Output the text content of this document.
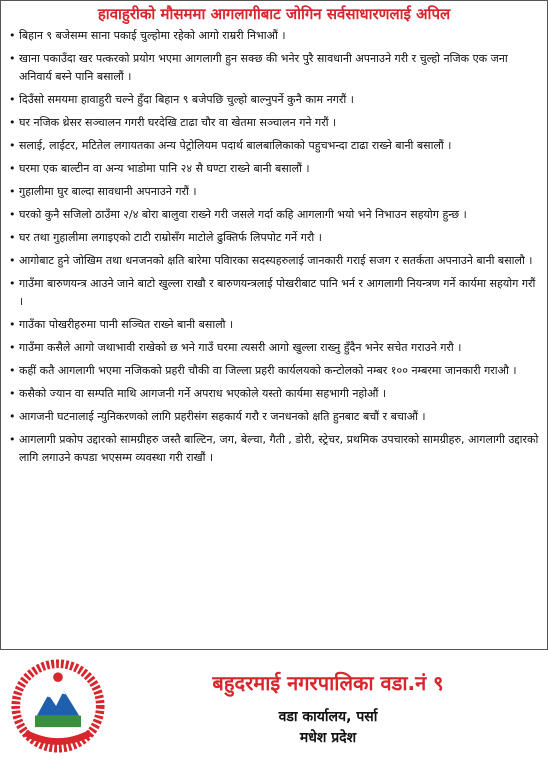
हावाहुरीको मौसममा आगलागीबाट जोगिन सर्वसाधारणलाई अपिल
• बिहान ९ बजेसम्म साना पकाई चुल्होमा रहेको आगो राम्ररी निभाऔं ।
• खाना पकाउँदा खर पत्करको प्रयोग भएमा आगलागी हुन सक्छ की भनेर पुरै सावधानी अपनाउने गरी र चुल्हो नजिक एक जना अनिवार्य बस्ने पानि बसालौं ।
• दिउँसो समयमा हावाहुरी चल्ने हुँदा बिहान ९ बजेपछि चुल्हो बाल्नुपर्ने कुनै काम नगरौं ।
• घर नजिक थ्रेसर सञ्चालन गगरी घरदेखि टाढा चौर वा खेतमा सञ्चालन गने गरौं ।
• सलाई, लाईटर, मटितेल लगायतका अन्य पेट्रोलियम पदार्थ बालबालिकाको पहुचभन्दा टाढा राख्ने बानी बसालौं ।
• घरमा एक बाल्टीन वा अन्य भाडोमा पानि २४ सै घण्टा राख्ने बानी बसालौं ।
• गुहालीमा घुर बाल्दा सावधानी अपनाउने गरौं ।
• घरको कुनै सजिलो ठाउँमा २/४ बोरा बालुवा राख्ने गरी जसले गर्दा कहि आगलागी भयो भने निभाउन सहयोग हुन्छ ।
• घर तथा गुहालीमा लगाइएको टाटी राम्रोसँग माटोले ढुक्तिर्फ लिपपोट गर्ने गरौ ।
• आगोबाट हुने जोखिम तथा धनजनको क्षति बारेमा पविारका सदस्यहरुलाई जानकारी गराई सजग र सतर्कता अपनाउने बानी बसालौ ।
• गाउँमा बारुणयन्त्र आउने जाने बाटो खुल्ला राखौ र बारुणयन्त्रलाई पोखरीबाट पानि भर्न र आगलागी नियन्त्रण गर्ने कार्यमा सहयोग गरौं ।
• गाउँका पोखरीहरुमा पानी सञ्चित राख्ने बानी बसालौ ।
• गाउँमा कसैले आगो जथाभावी राखेको छ भने गाउँ घरमा त्यसरी आगो खुल्ला राख्नु हुँदैन भनेर सचेत गराउने गरौ ।
• कहीं कतै आगलागी भएमा नजिकको प्रहरी चौकी वा जिल्ला प्रहरी कार्यलयको कन्टोलको नम्बर १०० नम्बरमा जानकारी गराऔ ।
• कसैको ज्यान वा सम्पति माथि आगजनी गर्ने अपराध भएकोले यस्तो कार्यमा सहभागी नहोऔं ।
• आगजनी घटनालाई न्युनिकरणको लागि प्रहरीसंग सहकार्य गरौ र जनधनको क्षति हुनबाट बचौं र बचाऔं ।
• आगलागी प्रकोप उद्दारको सामग्रीहरु जस्तै बाल्टिन, जग, बेल्चा, गैती , डोरी, स्ट्रेचर, प्रथमिक उपचारको सामग्रीहरु, आगलागी उद्दारको लागि लगाउने कपडा भएसम्म व्यवस्था गरी राखौं ।
बहुदरमाई नगरपालिका वडा.नं ९
वडा कार्यालय, पर्सा
मधेश प्रदेश
